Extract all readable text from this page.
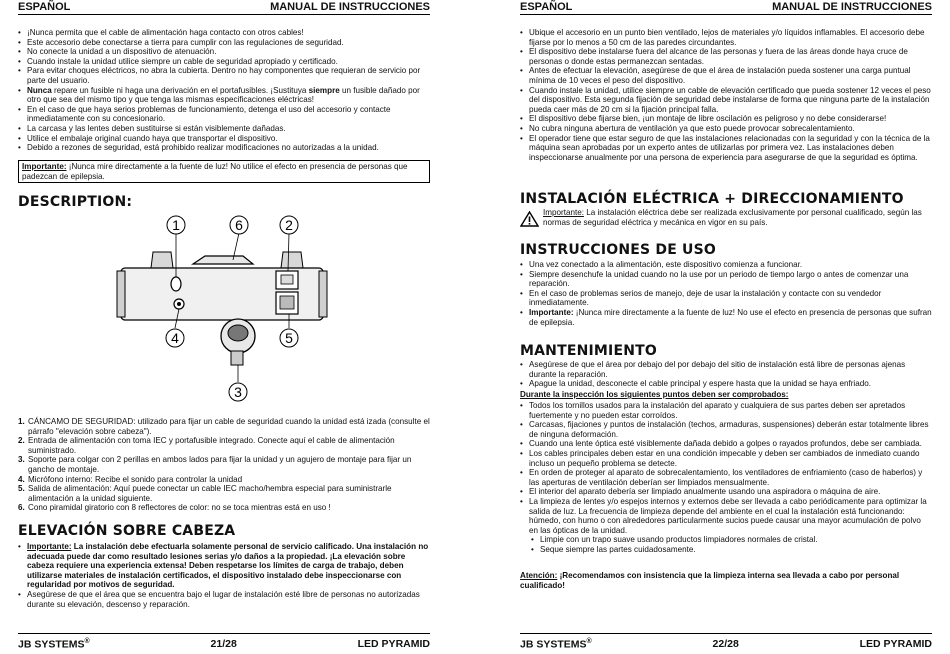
ESPAÑOL	MANUAL DE INSTRUCCIONES
• ¡Nunca permita que el cable de alimentación haga contacto con otros cables!
• Este accesorio debe conectarse a tierra para cumplir con las regulaciones de seguridad.
• No conecte la unidad a un dispositivo de atenuación.
• Cuando instale la unidad utilice siempre un cable de seguridad apropiado y certificado.
• Para evitar choques eléctricos, no abra la cubierta. Dentro no hay componentes que requieran de servicio por parte del usuario.
• Nunca repare un fusible ni haga una derivación en el portafusibles. ¡Sustituya siempre un fusible dañado por otro que sea del mismo tipo y que tenga las mismas especificaciones eléctricas!
• En el caso de que haya serios problemas de funcionamiento, detenga el uso del accesorio y contacte inmediatamente con su concesionario.
• La carcasa y las lentes deben sustituirse si están visiblemente dañadas.
• Utilice el embalaje original cuando haya que transportar el dispositivo.
• Debido a rezones de seguridad, está prohibido realizar modificaciones no autorizadas a la unidad.
Importante: ¡Nunca mire directamente a la fuente de luz! No utilice el efecto en presencia de personas que padezcan de epilepsia.
DESCRIPTION:
1	6	2
4	5
3
1. CÁNCAMO DE SEGURIDAD: utilizado para fijar un cable de seguridad cuando la unidad está izada (consulte el párrafo "elevación sobre cabeza").
2. Entrada de alimentación con toma IEC y portafusible integrado. Conecte aquí el cable de alimentación suministrado.
3. Soporte para colgar con 2 perillas en ambos lados para fijar la unidad y un agujero de montaje para fijar un gancho de montaje.
4. Micrófono interno: Recibe el sonido para controlar la unidad
5. Salida de alimentación: Aquí puede conectar un cable IEC macho/hembra especial para suministrarle alimentación a la unidad siguiente.
6. Cono piramidal giratorio con 8 reflectores de color: no se toca mientras está en uso !
ELEVACIÓN SOBRE CABEZA
• Importante: La instalación debe efectuarla solamente personal de servicio calificado. Una instalación no adecuada puede dar como resultado lesiones serias y/o daños a la propiedad. ¡La elevación sobre cabeza requiere una experiencia extensa! Deben respetarse los límites de carga de trabajo, deben utilizarse materiales de instalación certificados, el dispositivo instalado debe inspeccionarse con regularidad por motivos de seguridad.
• Asegúrese de que el área que se encuentra bajo el lugar de instalación esté libre de personas no autorizadas durante su elevación, descenso y reparación.
JB SYSTEMS®	21/28	LED PYRAMID
ESPAÑOL	MANUAL DE INSTRUCCIONES
• Ubique el accesorio en un punto bien ventilado, lejos de materiales y/o líquidos inflamables. El accesorio debe fijarse por lo menos a 50 cm de las paredes circundantes.
• El dispositivo debe instalarse fuera del alcance de las personas y fuera de las áreas donde haya cruce de personas o donde estas permanezcan sentadas.
• Antes de efectuar la elevación, asegúrese de que el área de instalación pueda sostener una carga puntual mínima de 10 veces el peso del dispositivo.
• Cuando instale la unidad, utilice siempre un cable de elevación certificado que pueda sostener 12 veces el peso del dispositivo. Esta segunda fijación de seguridad debe instalarse de forma que ninguna parte de la instalación pueda caer más de 20 cm si la fijación principal falla.
• El dispositivo debe fijarse bien, ¡un montaje de libre oscilación es peligroso y no debe considerarse!
• No cubra ninguna abertura de ventilación ya que esto puede provocar sobrecalentamiento.
• El operador tiene que estar seguro de que las instalaciones relacionadas con la seguridad y con la técnica de la máquina sean aprobadas por un experto antes de utilizarlas por primera vez. Las instalaciones deben inspeccionarse anualmente por una persona de experiencia para asegurarse de que la seguridad es óptima.
INSTALACIÓN ELÉCTRICA + DIRECCIONAMIENTO
Importante: La instalación eléctrica debe ser realizada exclusivamente por personal cualificado, según las normas de seguridad eléctrica y mecánica en vigor en su país.
INSTRUCCIONES DE USO
• Una vez conectado a la alimentación, este dispositivo comienza a funcionar.
• Siempre desenchufe la unidad cuando no la use por un periodo de tiempo largo o antes de comenzar una reparación.
• En el caso de problemas serios de manejo, deje de usar la instalación y contacte con su vendedor inmediatamente.
• Importante: ¡Nunca mire directamente a la fuente de luz! No use el efecto en presencia de personas que sufran de epilepsia.
MANTENIMIENTO
• Asegúrese de que el área por debajo del por debajo del sitio de instalación está libre de personas ajenas durante la reparación.
• Apague la unidad, desconecte el cable principal y espere hasta que la unidad se haya enfriado.
Durante la inspección los siguientes puntos deben ser comprobados:
• Todos los tornillos usados para la instalación del aparato y cualquiera de sus partes deben ser apretados fuertemente y no pueden estar corroídos.
• Carcasas, fijaciones y puntos de instalación (techos, armaduras, suspensiones) deberán estar totalmente libres de ninguna deformación.
• Cuando una lente óptica esté visiblemente dañada debido a golpes o rayados profundos, debe ser cambiada.
• Los cables principales deben estar en una condición impecable y deben ser cambiados de inmediato cuando incluso un pequeño problema se detecte.
• En orden de proteger al aparato de sobrecalentamiento, los ventiladores de enfriamiento (caso de haberlos) y las aperturas de ventilación deberían ser limpiados mensualmente.
• El interior del aparato debería ser limpiado anualmente usando una aspiradora o máquina de aire.
• La limpieza de lentes y/o espejos internos y externos debe ser llevada a cabo periódicamente para optimizar la salida de luz. La frecuencia de limpieza depende del ambiente en el cual la instalación está funcionando: húmedo, con humo o con alrededores particularmente sucios puede causar una mayor acumulación de polvo en las ópticas de la unidad.
• Limpie con un trapo suave usando productos limpiadores normales de cristal.
• Seque siempre las partes cuidadosamente.
Atención: ¡Recomendamos con insistencia que la limpieza interna sea llevada a cabo por personal cualificado!
JB SYSTEMS®	22/28	LED PYRAMID
